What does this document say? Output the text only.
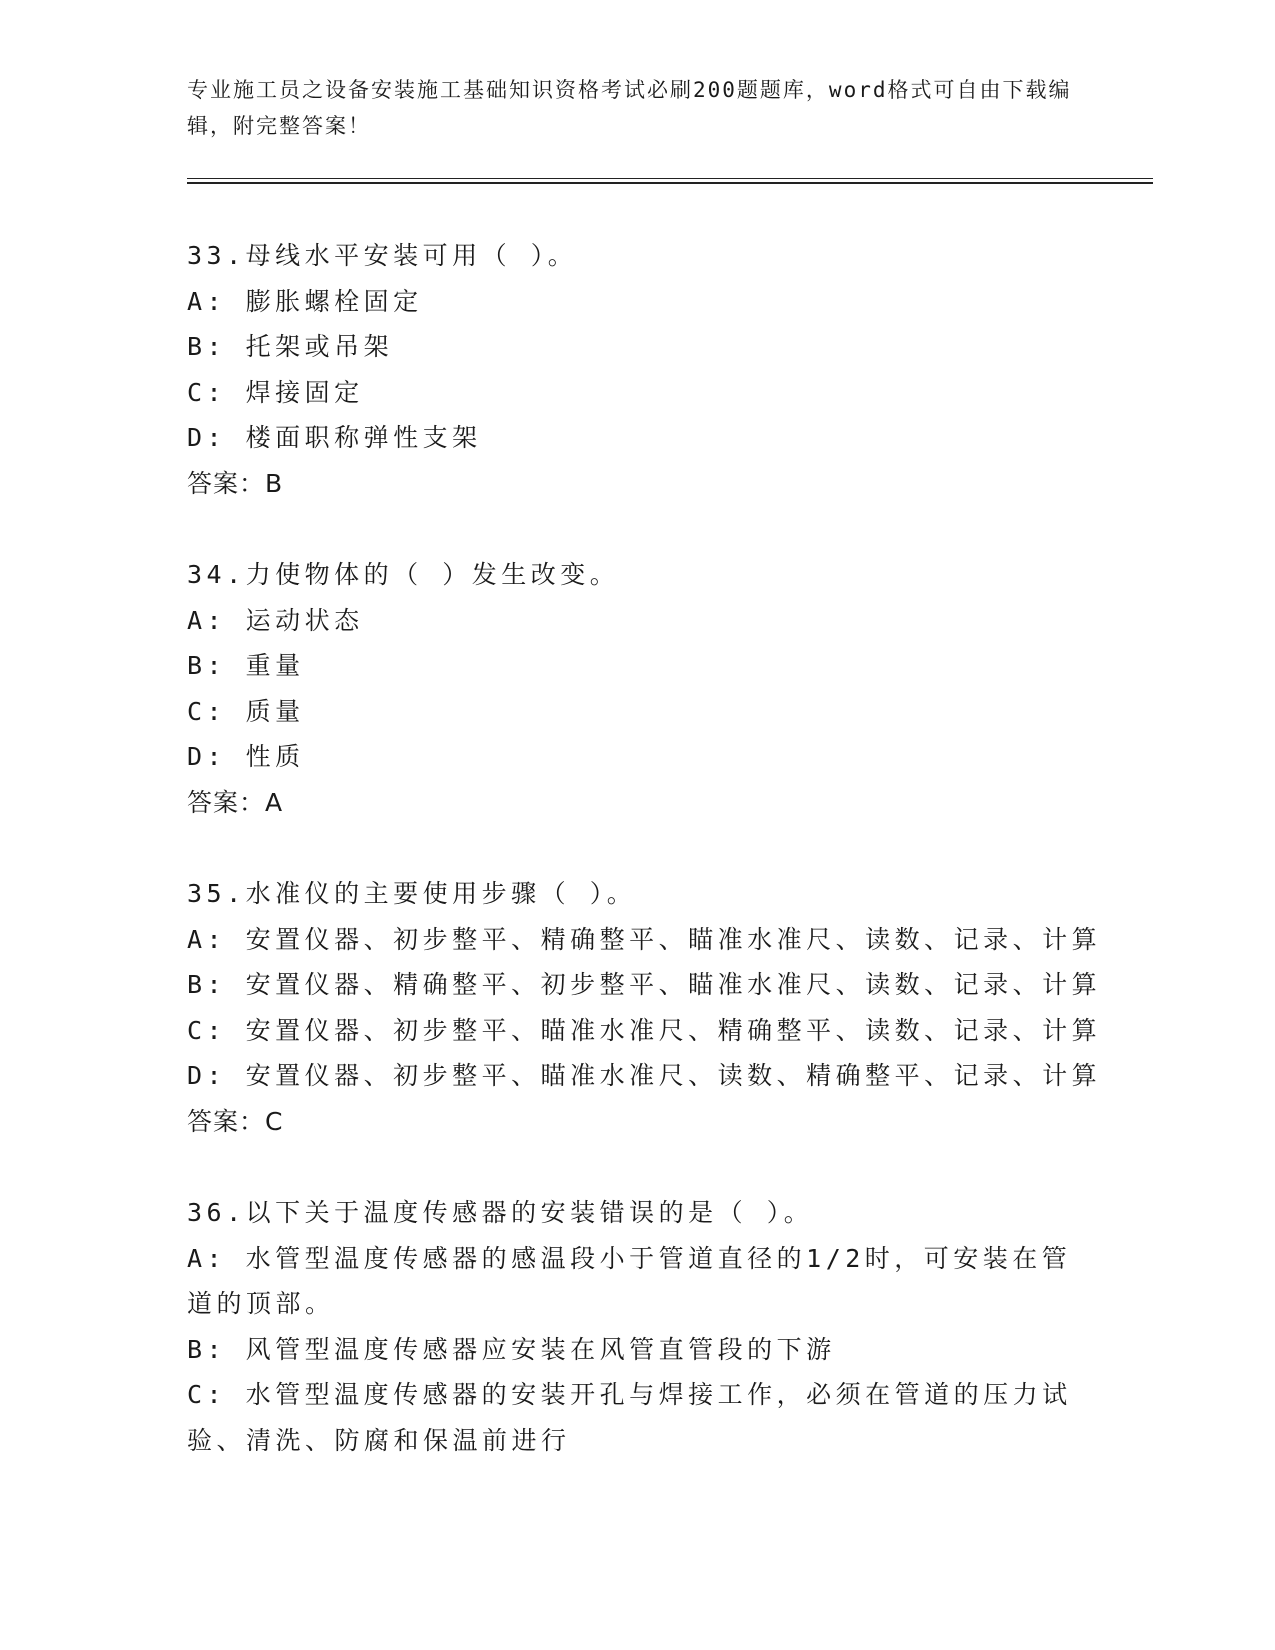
专业施工员之设备安装施工基础知识资格考试必刷200题题库，word格式可自由下载编辑，附完整答案！
33.母线水平安装可用（ ）。
A: 膨胀螺栓固定
B: 托架或吊架
C: 焊接固定
D: 楼面职称弹性支架
答案：B
34.力使物体的（ ）发生改变。
A: 运动状态
B: 重量
C: 质量
D: 性质
答案：A
35.水准仪的主要使用步骤（ ）。
A: 安置仪器、初步整平、精确整平、瞄准水准尺、读数、记录、计算
B: 安置仪器、精确整平、初步整平、瞄准水准尺、读数、记录、计算
C: 安置仪器、初步整平、瞄准水准尺、精确整平、读数、记录、计算
D: 安置仪器、初步整平、瞄准水准尺、读数、精确整平、记录、计算
答案：C
36.以下关于温度传感器的安装错误的是（ ）。
A: 水管型温度传感器的感温段小于管道直径的1/2时，可安装在管道的顶部。
B: 风管型温度传感器应安装在风管直管段的下游
C: 水管型温度传感器的安装开孔与焊接工作，必须在管道的压力试验、清洗、防腐和保温前进行
